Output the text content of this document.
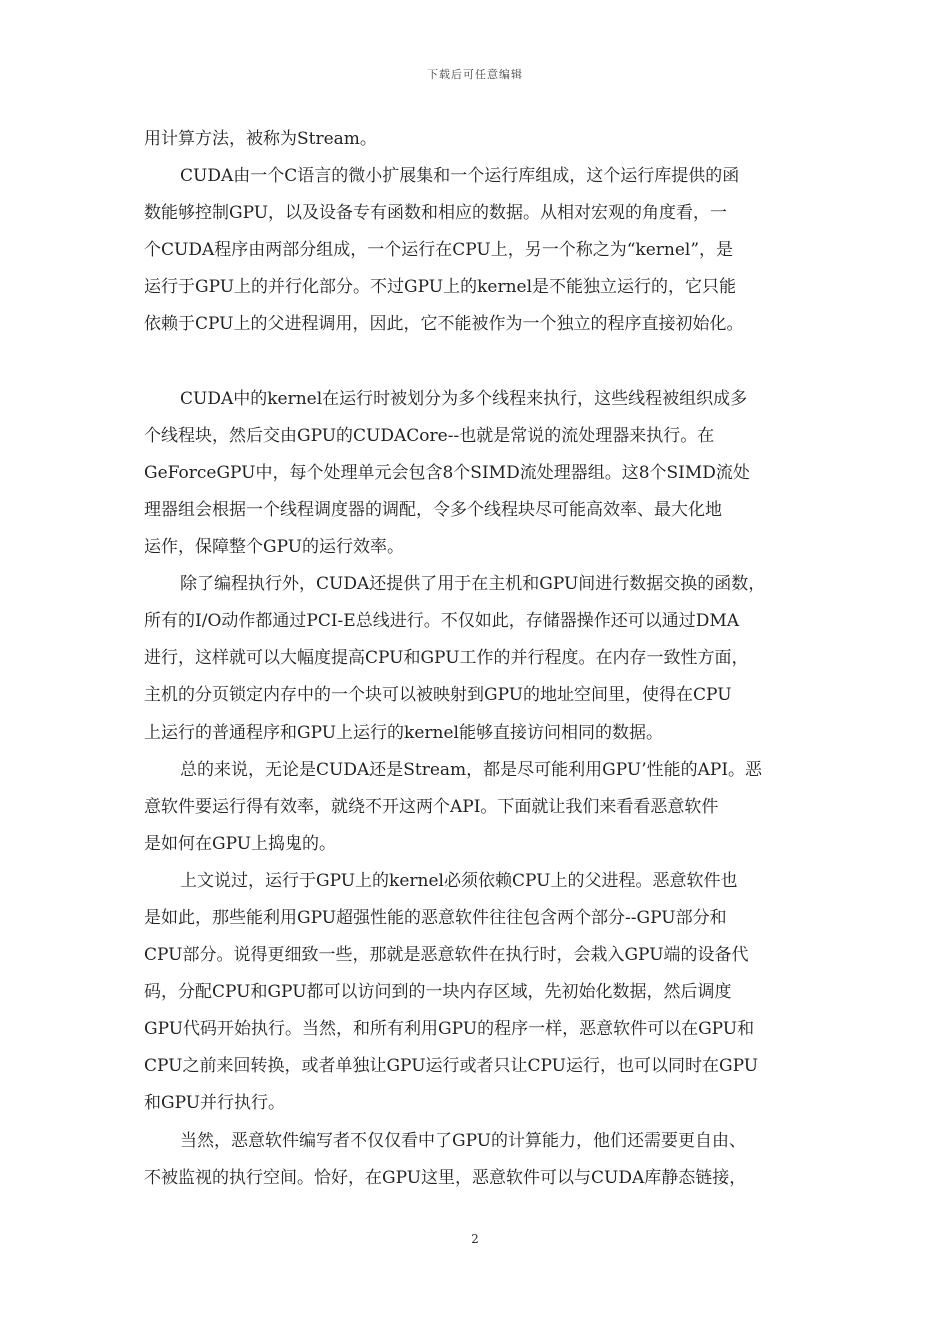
下载后可任意编辑
用计算方法，被称为Stream。
CUDA由一个C语言的微小扩展集和一个运行库组成，这个运行库提供的函
数能够控制GPU，以及设备专有函数和相应的数据。从相对宏观的角度看，一
个CUDA程序由两部分组成，一个运行在CPU上，另一个称之为“kernel”，是
运行于GPU上的并行化部分。不过GPU上的kernel是不能独立运行的，它只能
依赖于CPU上的父进程调用，因此，它不能被作为一个独立的程序直接初始化。
CUDA中的kernel在运行时被划分为多个线程来执行，这些线程被组织成多
个线程块，然后交由GPU的CUDACore--也就是常说的流处理器来执行。在
GeForceGPU中，每个处理单元会包含8个SIMD流处理器组。这8个SIMD流处
理器组会根据一个线程调度器的调配，令多个线程块尽可能高效率、最大化地
运作，保障整个GPU的运行效率。
除了编程执行外，CUDA还提供了用于在主机和GPU间进行数据交换的函数，
所有的I/O动作都通过PCI-E总线进行。不仅如此，存储器操作还可以通过DMA
进行，这样就可以大幅度提高CPU和GPU工作的并行程度。在内存一致性方面，
主机的分页锁定内存中的一个块可以被映射到GPU的地址空间里，使得在CPU
上运行的普通程序和GPU上运行的kernel能够直接访问相同的数据。
总的来说，无论是CUDA还是Stream，都是尽可能利用GPU’性能的API。恶
意软件要运行得有效率，就绕不开这两个API。下面就让我们来看看恶意软件
是如何在GPU上捣鬼的。
上文说过，运行于GPU上的kernel必须依赖CPU上的父进程。恶意软件也
是如此，那些能利用GPU超强性能的恶意软件往往包含两个部分--GPU部分和
CPU部分。说得更细致一些，那就是恶意软件在执行时，会栽入GPU端的设备代
码，分配CPU和GPU都可以访问到的一块内存区域，先初始化数据，然后调度
GPU代码开始执行。当然，和所有利用GPU的程序一样，恶意软件可以在GPU和
CPU之前来回转换，或者单独让GPU运行或者只让CPU运行，也可以同时在GPU
和GPU并行执行。
当然，恶意软件编写者不仅仅看中了GPU的计算能力，他们还需要更自由、
不被监视的执行空间。恰好，在GPU这里，恶意软件可以与CUDA库静态链接，
2
